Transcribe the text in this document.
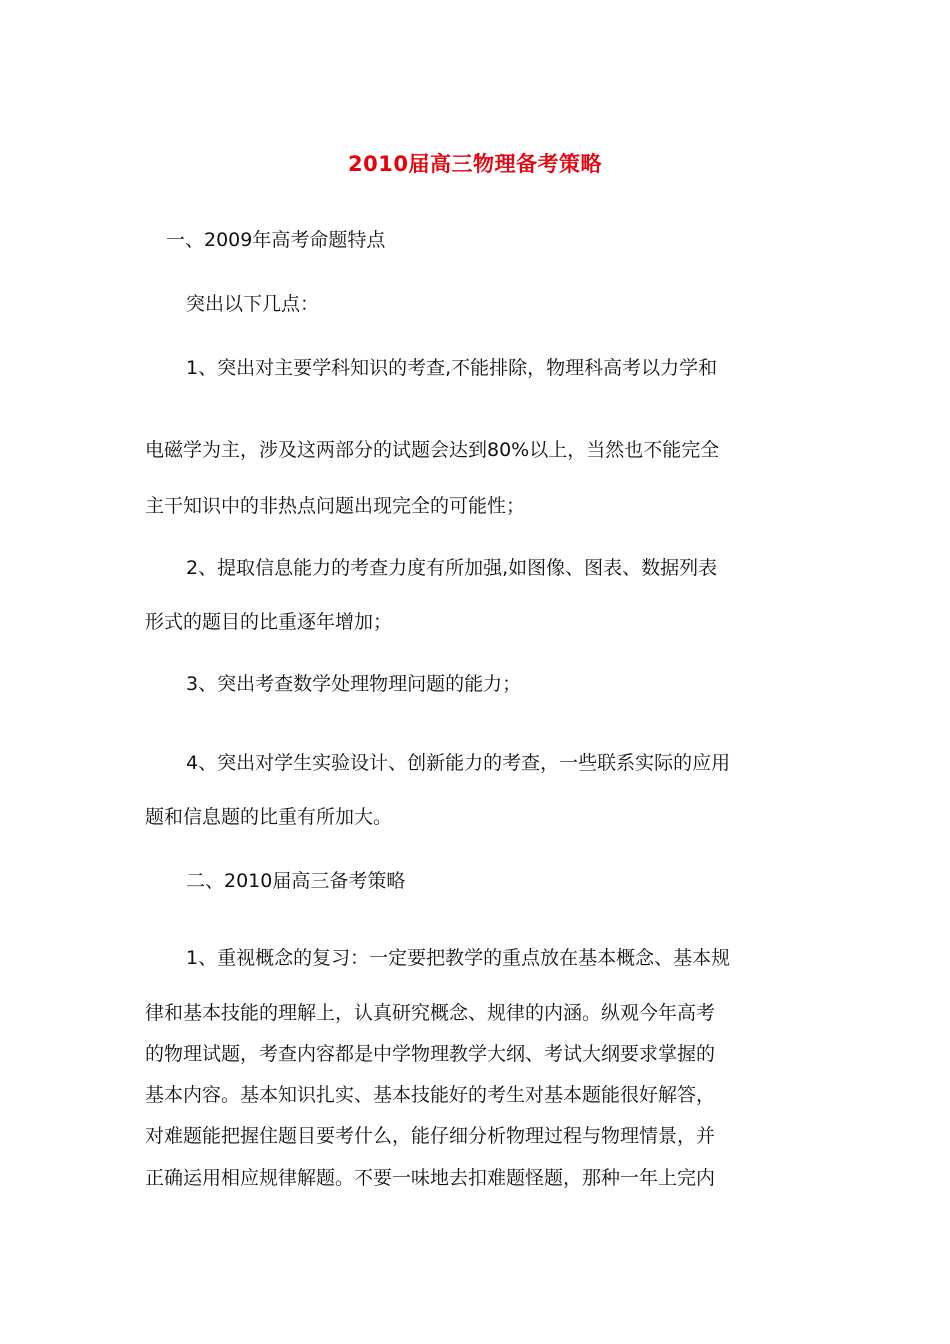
2010届高三物理备考策略
一、2009年高考命题特点
突出以下几点：
1、突出对主要学科知识的考查,不能排除，物理科高考以力学和
电磁学为主，涉及这两部分的试题会达到80%以上，当然也不能完全
主干知识中的非热点问题出现完全的可能性；
2、提取信息能力的考查力度有所加强,如图像、图表、数据列表
形式的题目的比重逐年增加；
3、突出考查数学处理物理问题的能力；
4、突出对学生实验设计、创新能力的考查，一些联系实际的应用
题和信息题的比重有所加大。
二、2010届高三备考策略
1、重视概念的复习：一定要把教学的重点放在基本概念、基本规
律和基本技能的理解上，认真研究概念、规律的内涵。纵观今年高考
的物理试题，考查内容都是中学物理教学大纲、考试大纲要求掌握的
基本内容。基本知识扎实、基本技能好的考生对基本题能很好解答，
对难题能把握住题目要考什么，能仔细分析物理过程与物理情景，并
正确运用相应规律解题。不要一味地去扣难题怪题，那种一年上完内
